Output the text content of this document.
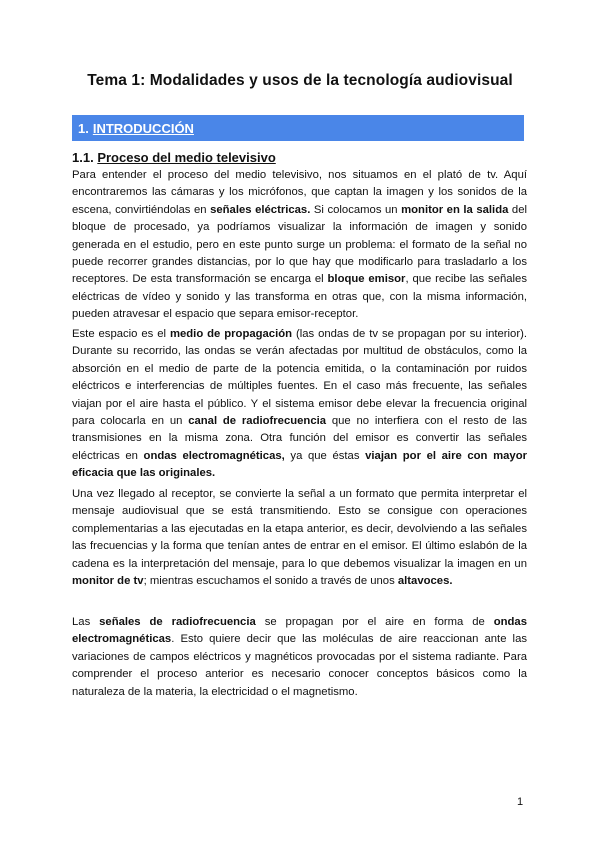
Tema 1: Modalidades y usos de la tecnología audiovisual
1. INTRODUCCIÓN
1.1. Proceso del medio televisivo

Para entender el proceso del medio televisivo, nos situamos en el plató de tv. Aquí encontraremos las cámaras y los micrófonos, que captan la imagen y los sonidos de la escena, convirtiéndolas en señales eléctricas. Si colocamos un monitor en la salida del bloque de procesado, ya podríamos visualizar la información de imagen y sonido generada en el estudio, pero en este punto surge un problema: el formato de la señal no puede recorrer grandes distancias, por lo que hay que modificarlo para trasladarlo a los receptores. De esta transformación se encarga el bloque emisor, que recibe las señales eléctricas de vídeo y sonido y las transforma en otras que, con la misma información, pueden atravesar el espacio que separa emisor-receptor.

Este espacio es el medio de propagación (las ondas de tv se propagan por su interior). Durante su recorrido, las ondas se verán afectadas por multitud de obstáculos, como la absorción en el medio de parte de la potencia emitida, o la contaminación por ruidos eléctricos e interferencias de múltiples fuentes. En el caso más frecuente, las señales viajan por el aire hasta el público. Y el sistema emisor debe elevar la frecuencia original para colocarla en un canal de radiofrecuencia que no interfiera con el resto de las transmisiones en la misma zona. Otra función del emisor es convertir las señales eléctricas en ondas electromagnéticas, ya que éstas viajan por el aire con mayor eficacia que las originales.

Una vez llegado al receptor, se convierte la señal a un formato que permita interpretar el mensaje audiovisual que se está transmitiendo. Esto se consigue con operaciones complementarias a las ejecutadas en la etapa anterior, es decir, devolviendo a las señales las frecuencias y la forma que tenían antes de entrar en el emisor. El último eslabón de la cadena es la interpretación del mensaje, para lo que debemos visualizar la imagen en un monitor de tv; mientras escuchamos el sonido a través de unos altavoces.

Las señales de radiofrecuencia se propagan por el aire en forma de ondas electromagnéticas. Esto quiere decir que las moléculas de aire reaccionan ante las variaciones de campos eléctricos y magnéticos provocadas por el sistema radiante. Para comprender el proceso anterior es necesario conocer conceptos básicos como la naturaleza de la materia, la electricidad o el magnetismo.

1
